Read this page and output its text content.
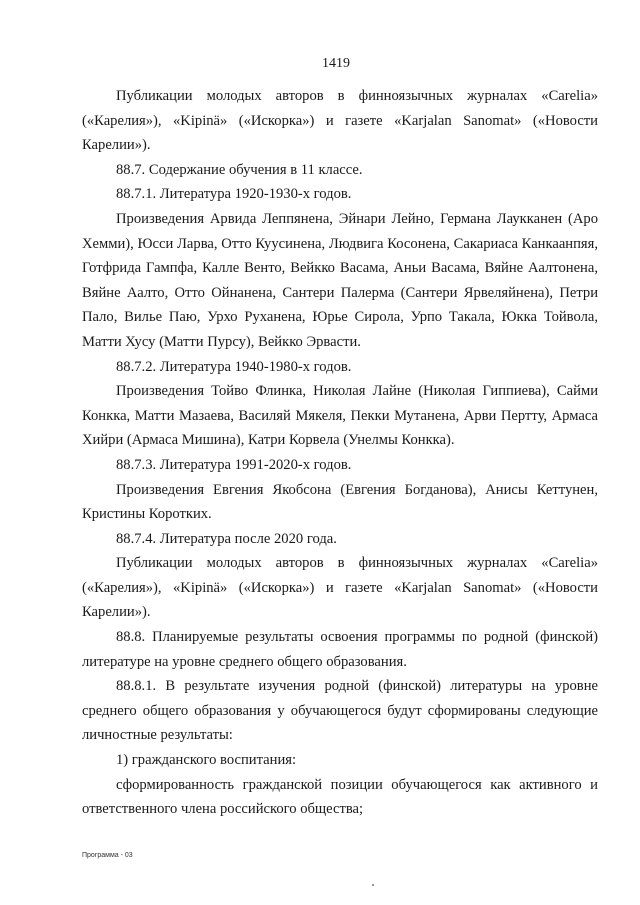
1419

Публикации молодых авторов в финноязычных журналах «Carelia» («Карелия»), «Kipinä» («Искорка») и газете «Karjalan Sanomat» («Новости Карелии»).

88.7. Содержание обучения в 11 классе.

88.7.1. Литература 1920-1930-х годов.

Произведения Арвида Леппянена, Эйнари Лейно, Германа Лаукканен (Аро Хемми), Юсси Ларва, Отто Куусинена, Людвига Косонена, Сакариаса Канкаанпяя, Готфрида Гампфа, Калле Венто, Вейкко Васама, Аньи Васама, Вяйне Аалтонена, Вяйне Аалто, Отто Ойнанена, Сантери Палерма (Сантери Ярвеляйнена), Петри Пало, Вилье Паю, Урхо Руханена, Юрье Сирола, Урпо Такала, Юкка Тойвола, Матти Хусу (Матти Пурсу), Вейкко Эрвасти.

88.7.2. Литература 1940-1980-х годов.

Произведения Тойво Флинка, Николая Лайне (Николая Гиппиева), Сайми Конкка, Матти Мазаева, Василяй Мякеля, Пекки Мутанена, Арви Пертту, Армаса Хийри (Армаса Мишина), Катри Корвела (Унелмы Конкка).

88.7.3. Литература 1991-2020-х годов.

Произведения Евгения Якобсона (Евгения Богданова), Анисы Кеттунен, Кристины Коротких.

88.7.4. Литература после 2020 года.

Публикации молодых авторов в финноязычных журналах «Carelia» («Карелия»), «Kipinä» («Искорка») и газете «Karjalan Sanomat» («Новости Карелии»).

88.8. Планируемые результаты освоения программы по родной (финской) литературе на уровне среднего общего образования.

88.8.1. В результате изучения родной (финской) литературы на уровне среднего общего образования у обучающегося будут сформированы следующие личностные результаты:

1) гражданского воспитания:

сформированность гражданской позиции обучающегося как активного и ответственного члена российского общества;

Программа - 03
